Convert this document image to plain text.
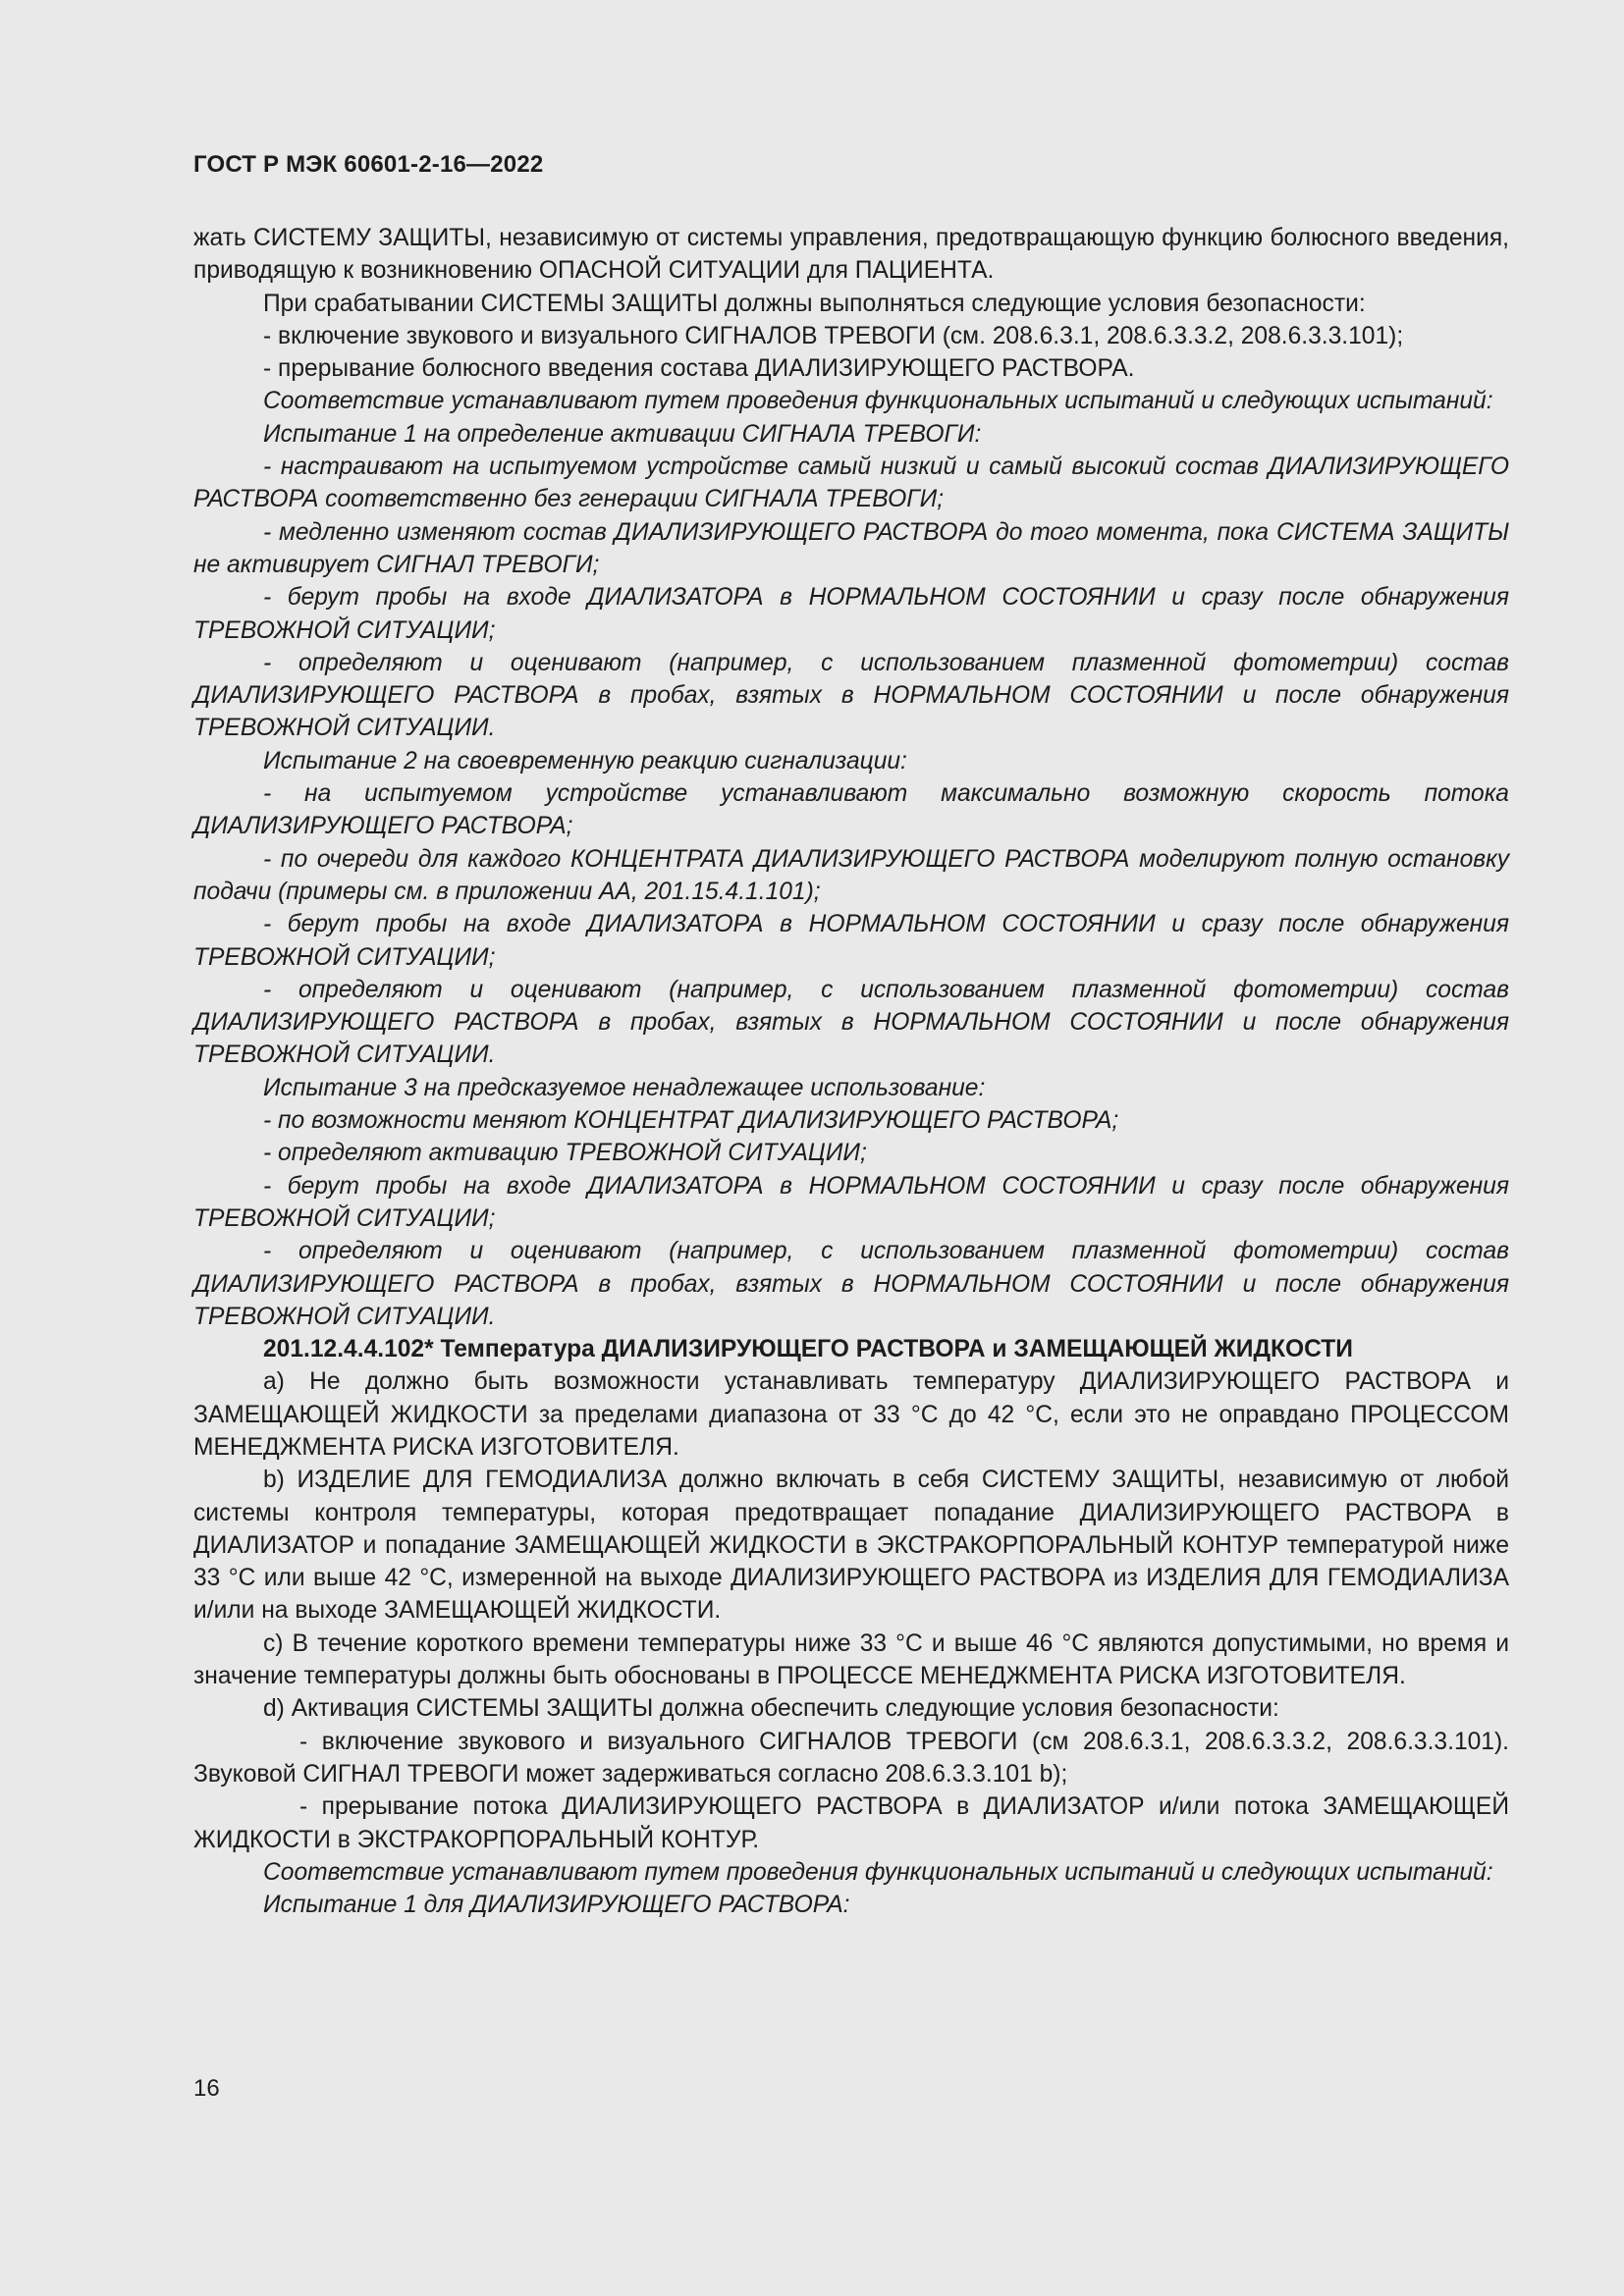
ГОСТ Р МЭК 60601-2-16—2022

жать СИСТЕМУ ЗАЩИТЫ, независимую от системы управления, предотвращающую функцию болюсного введения, приводящую к возникновению ОПАСНОЙ СИТУАЦИИ для ПАЦИЕНТА.

При срабатывании СИСТЕМЫ ЗАЩИТЫ должны выполняться следующие условия безопасности:

- включение звукового и визуального СИГНАЛОВ ТРЕВОГИ (см. 208.6.3.1, 208.6.3.3.2, 208.6.3.3.101);

- прерывание болюсного введения состава ДИАЛИЗИРУЮЩЕГО РАСТВОРА.

Соответствие устанавливают путем проведения функциональных испытаний и следующих испытаний:

Испытание 1 на определение активации СИГНАЛА ТРЕВОГИ:

- настраивают на испытуемом устройстве самый низкий и самый высокий состав ДИАЛИЗИРУЮЩЕГО РАСТВОРА соответственно без генерации СИГНАЛА ТРЕВОГИ;

- медленно изменяют состав ДИАЛИЗИРУЮЩЕГО РАСТВОРА до того момента, пока СИСТЕМА ЗАЩИТЫ не активирует СИГНАЛ ТРЕВОГИ;

- берут пробы на входе ДИАЛИЗАТОРА в НОРМАЛЬНОМ СОСТОЯНИИ и сразу после обнаружения ТРЕВОЖНОЙ СИТУАЦИИ;

- определяют и оценивают (например, с использованием плазменной фотометрии) состав ДИАЛИЗИРУЮЩЕГО РАСТВОРА в пробах, взятых в НОРМАЛЬНОМ СОСТОЯНИИ и после обнаружения ТРЕВОЖНОЙ СИТУАЦИИ.

Испытание 2 на своевременную реакцию сигнализации:

- на испытуемом устройстве устанавливают максимально возможную скорость потока ДИАЛИЗИРУЮЩЕГО РАСТВОРА;

- по очереди для каждого КОНЦЕНТРАТА ДИАЛИЗИРУЮЩЕГО РАСТВОРА моделируют полную остановку подачи (примеры см. в приложении АА, 201.15.4.1.101);

- берут пробы на входе ДИАЛИЗАТОРА в НОРМАЛЬНОМ СОСТОЯНИИ и сразу после обнаружения ТРЕВОЖНОЙ СИТУАЦИИ;

- определяют и оценивают (например, с использованием плазменной фотометрии) состав ДИАЛИЗИРУЮЩЕГО РАСТВОРА в пробах, взятых в НОРМАЛЬНОМ СОСТОЯНИИ и после обнаружения ТРЕВОЖНОЙ СИТУАЦИИ.

Испытание 3 на предсказуемое ненадлежащее использование:

- по возможности меняют КОНЦЕНТРАТ ДИАЛИЗИРУЮЩЕГО РАСТВОРА;

- определяют активацию ТРЕВОЖНОЙ СИТУАЦИИ;

- берут пробы на входе ДИАЛИЗАТОРА в НОРМАЛЬНОМ СОСТОЯНИИ и сразу после обнаружения ТРЕВОЖНОЙ СИТУАЦИИ;

- определяют и оценивают (например, с использованием плазменной фотометрии) состав ДИАЛИЗИРУЮЩЕГО РАСТВОРА в пробах, взятых в НОРМАЛЬНОМ СОСТОЯНИИ и после обнаружения ТРЕВОЖНОЙ СИТУАЦИИ.

201.12.4.4.102* Температура ДИАЛИЗИРУЮЩЕГО РАСТВОРА и ЗАМЕЩАЮЩЕЙ ЖИДКОСТИ

a) Не должно быть возможности устанавливать температуру ДИАЛИЗИРУЮЩЕГО РАСТВОРА и ЗАМЕЩАЮЩЕЙ ЖИДКОСТИ за пределами диапазона от 33 °С до 42 °С, если это не оправдано ПРОЦЕССОМ МЕНЕДЖМЕНТА РИСКА ИЗГОТОВИТЕЛЯ.

b) ИЗДЕЛИЕ ДЛЯ ГЕМОДИАЛИЗА должно включать в себя СИСТЕМУ ЗАЩИТЫ, независимую от любой системы контроля температуры, которая предотвращает попадание ДИАЛИЗИРУЮЩЕГО РАСТВОРА в ДИАЛИЗАТОР и попадание ЗАМЕЩАЮЩЕЙ ЖИДКОСТИ в ЭКСТРАКОРПОРАЛЬНЫЙ КОНТУР температурой ниже 33 °С или выше 42 °С, измеренной на выходе ДИАЛИЗИРУЮЩЕГО РАСТВОРА из ИЗДЕЛИЯ ДЛЯ ГЕМОДИАЛИЗА и/или на выходе ЗАМЕЩАЮЩЕЙ ЖИДКОСТИ.

c) В течение короткого времени температуры ниже 33 °С и выше 46 °С являются допустимыми, но время и значение температуры должны быть обоснованы в ПРОЦЕССЕ МЕНЕДЖМЕНТА РИСКА ИЗГОТОВИТЕЛЯ.

d) Активация СИСТЕМЫ ЗАЩИТЫ должна обеспечить следующие условия безопасности:

- включение звукового и визуального СИГНАЛОВ ТРЕВОГИ (см 208.6.3.1, 208.6.3.3.2, 208.6.3.3.101). Звуковой СИГНАЛ ТРЕВОГИ может задерживаться согласно 208.6.3.3.101 b);

- прерывание потока ДИАЛИЗИРУЮЩЕГО РАСТВОРА в ДИАЛИЗАТОР и/или потока ЗАМЕЩАЮЩЕЙ ЖИДКОСТИ в ЭКСТРАКОРПОРАЛЬНЫЙ КОНТУР.

Соответствие устанавливают путем проведения функциональных испытаний и следующих испытаний:

Испытание 1 для ДИАЛИЗИРУЮЩЕГО РАСТВОРА:

16
